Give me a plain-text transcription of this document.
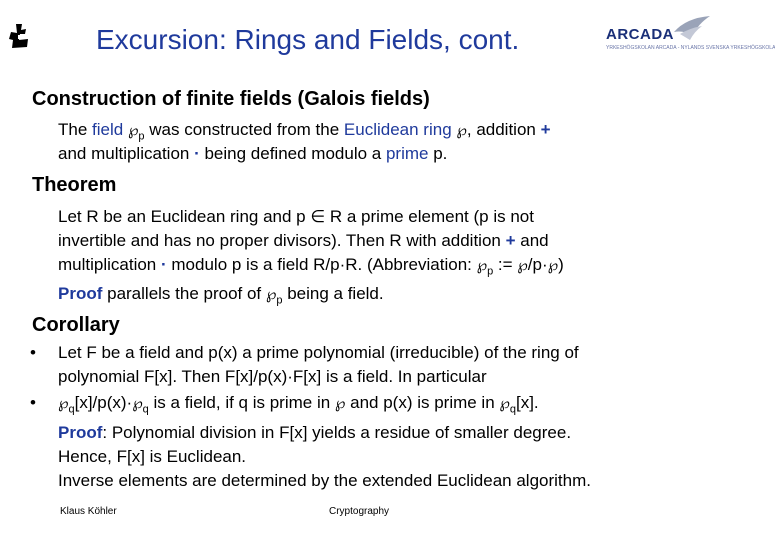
Excursion: Rings and Fields, cont.	ARCADA
YRKESHÖGSKOLAN ARCADA - NYLANDS SVENSKA YRKESHÖGSKOLA
Construction of finite fields (Galois fields)
The field $℘_p$ was constructed from the Euclidean ring ℘, addition +
and multiplication · being defined modulo a prime p.
Theorem
Let R be an Euclidean ring and p ∈ R a prime element (p is not
invertible and has no proper divisors). Then R with addition + and
multiplication · modulo p is a field R/p·R. (Abbreviation: $℘_p$ := ℘/p·℘)
Proof parallels the proof of $℘_p$ being a field.
Corollary
• Let F be a field and p(x) a prime polynomial (irreducible) of the ring of
polynomial F[x]. Then F[x]/p(x)·F[x] is a field. In particular
• $℘_q[x]/p(x)\cdot℘_q$ is a field, if q is prime in ℘ and p(x) is prime in $℘_q[x]$.
Proof: Polynomial division in F[x] yields a residue of smaller degree.
Hence, F[x] is Euclidean.
Inverse elements are determined by the extended Euclidean algorithm.
Klaus Köhler	Cryptography
